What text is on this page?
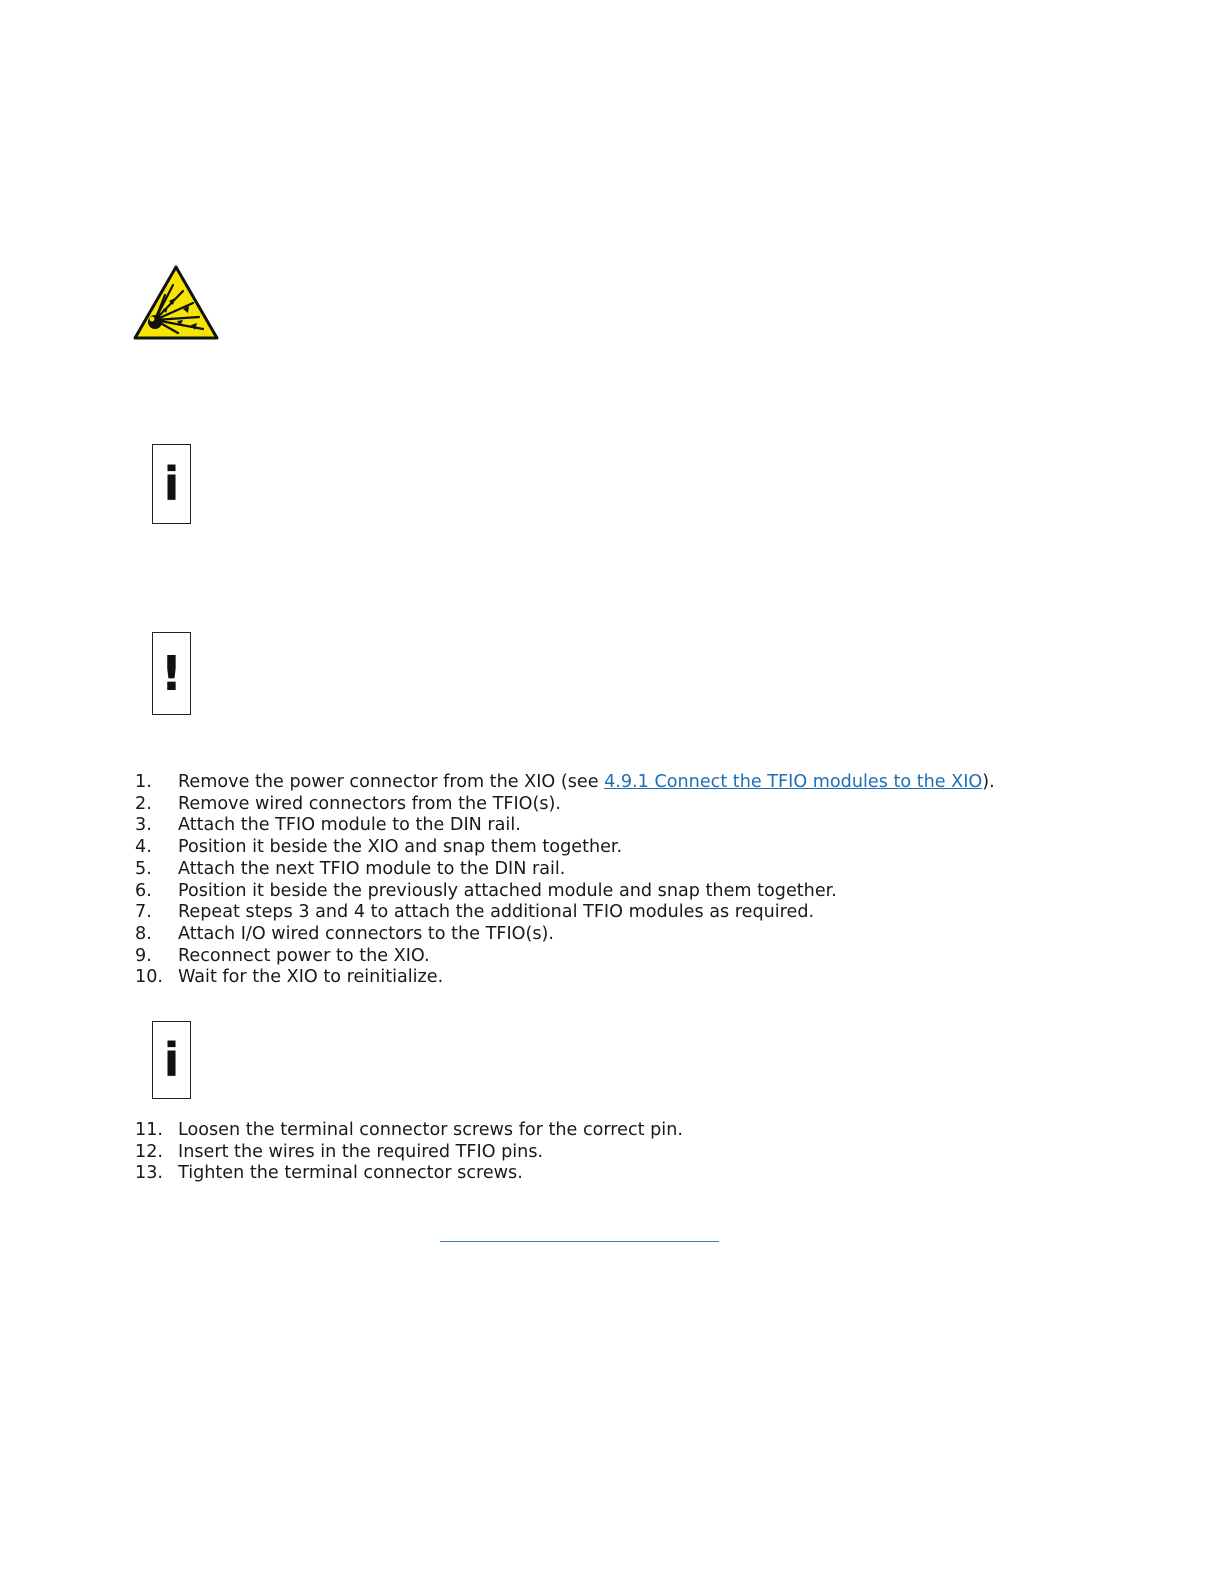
i
!
1.	Remove the power connector from the XIO (see 4.9.1 Connect the TFIO modules to the XIO).
2.	Remove wired connectors from the TFIO(s).
3.	Attach the TFIO module to the DIN rail.
4.	Position it beside the XIO and snap them together.
5.	Attach the next TFIO module to the DIN rail.
6.	Position it beside the previously attached module and snap them together.
7.	Repeat steps 3 and 4 to attach the additional TFIO modules as required.
8.	Attach I/O wired connectors to the TFIO(s).
9.	Reconnect power to the XIO.
10. Wait for the XIO to reinitialize.
i
11. Loosen the terminal connector screws for the correct pin.
12. Insert the wires in the required TFIO pins.
13. Tighten the terminal connector screws.
